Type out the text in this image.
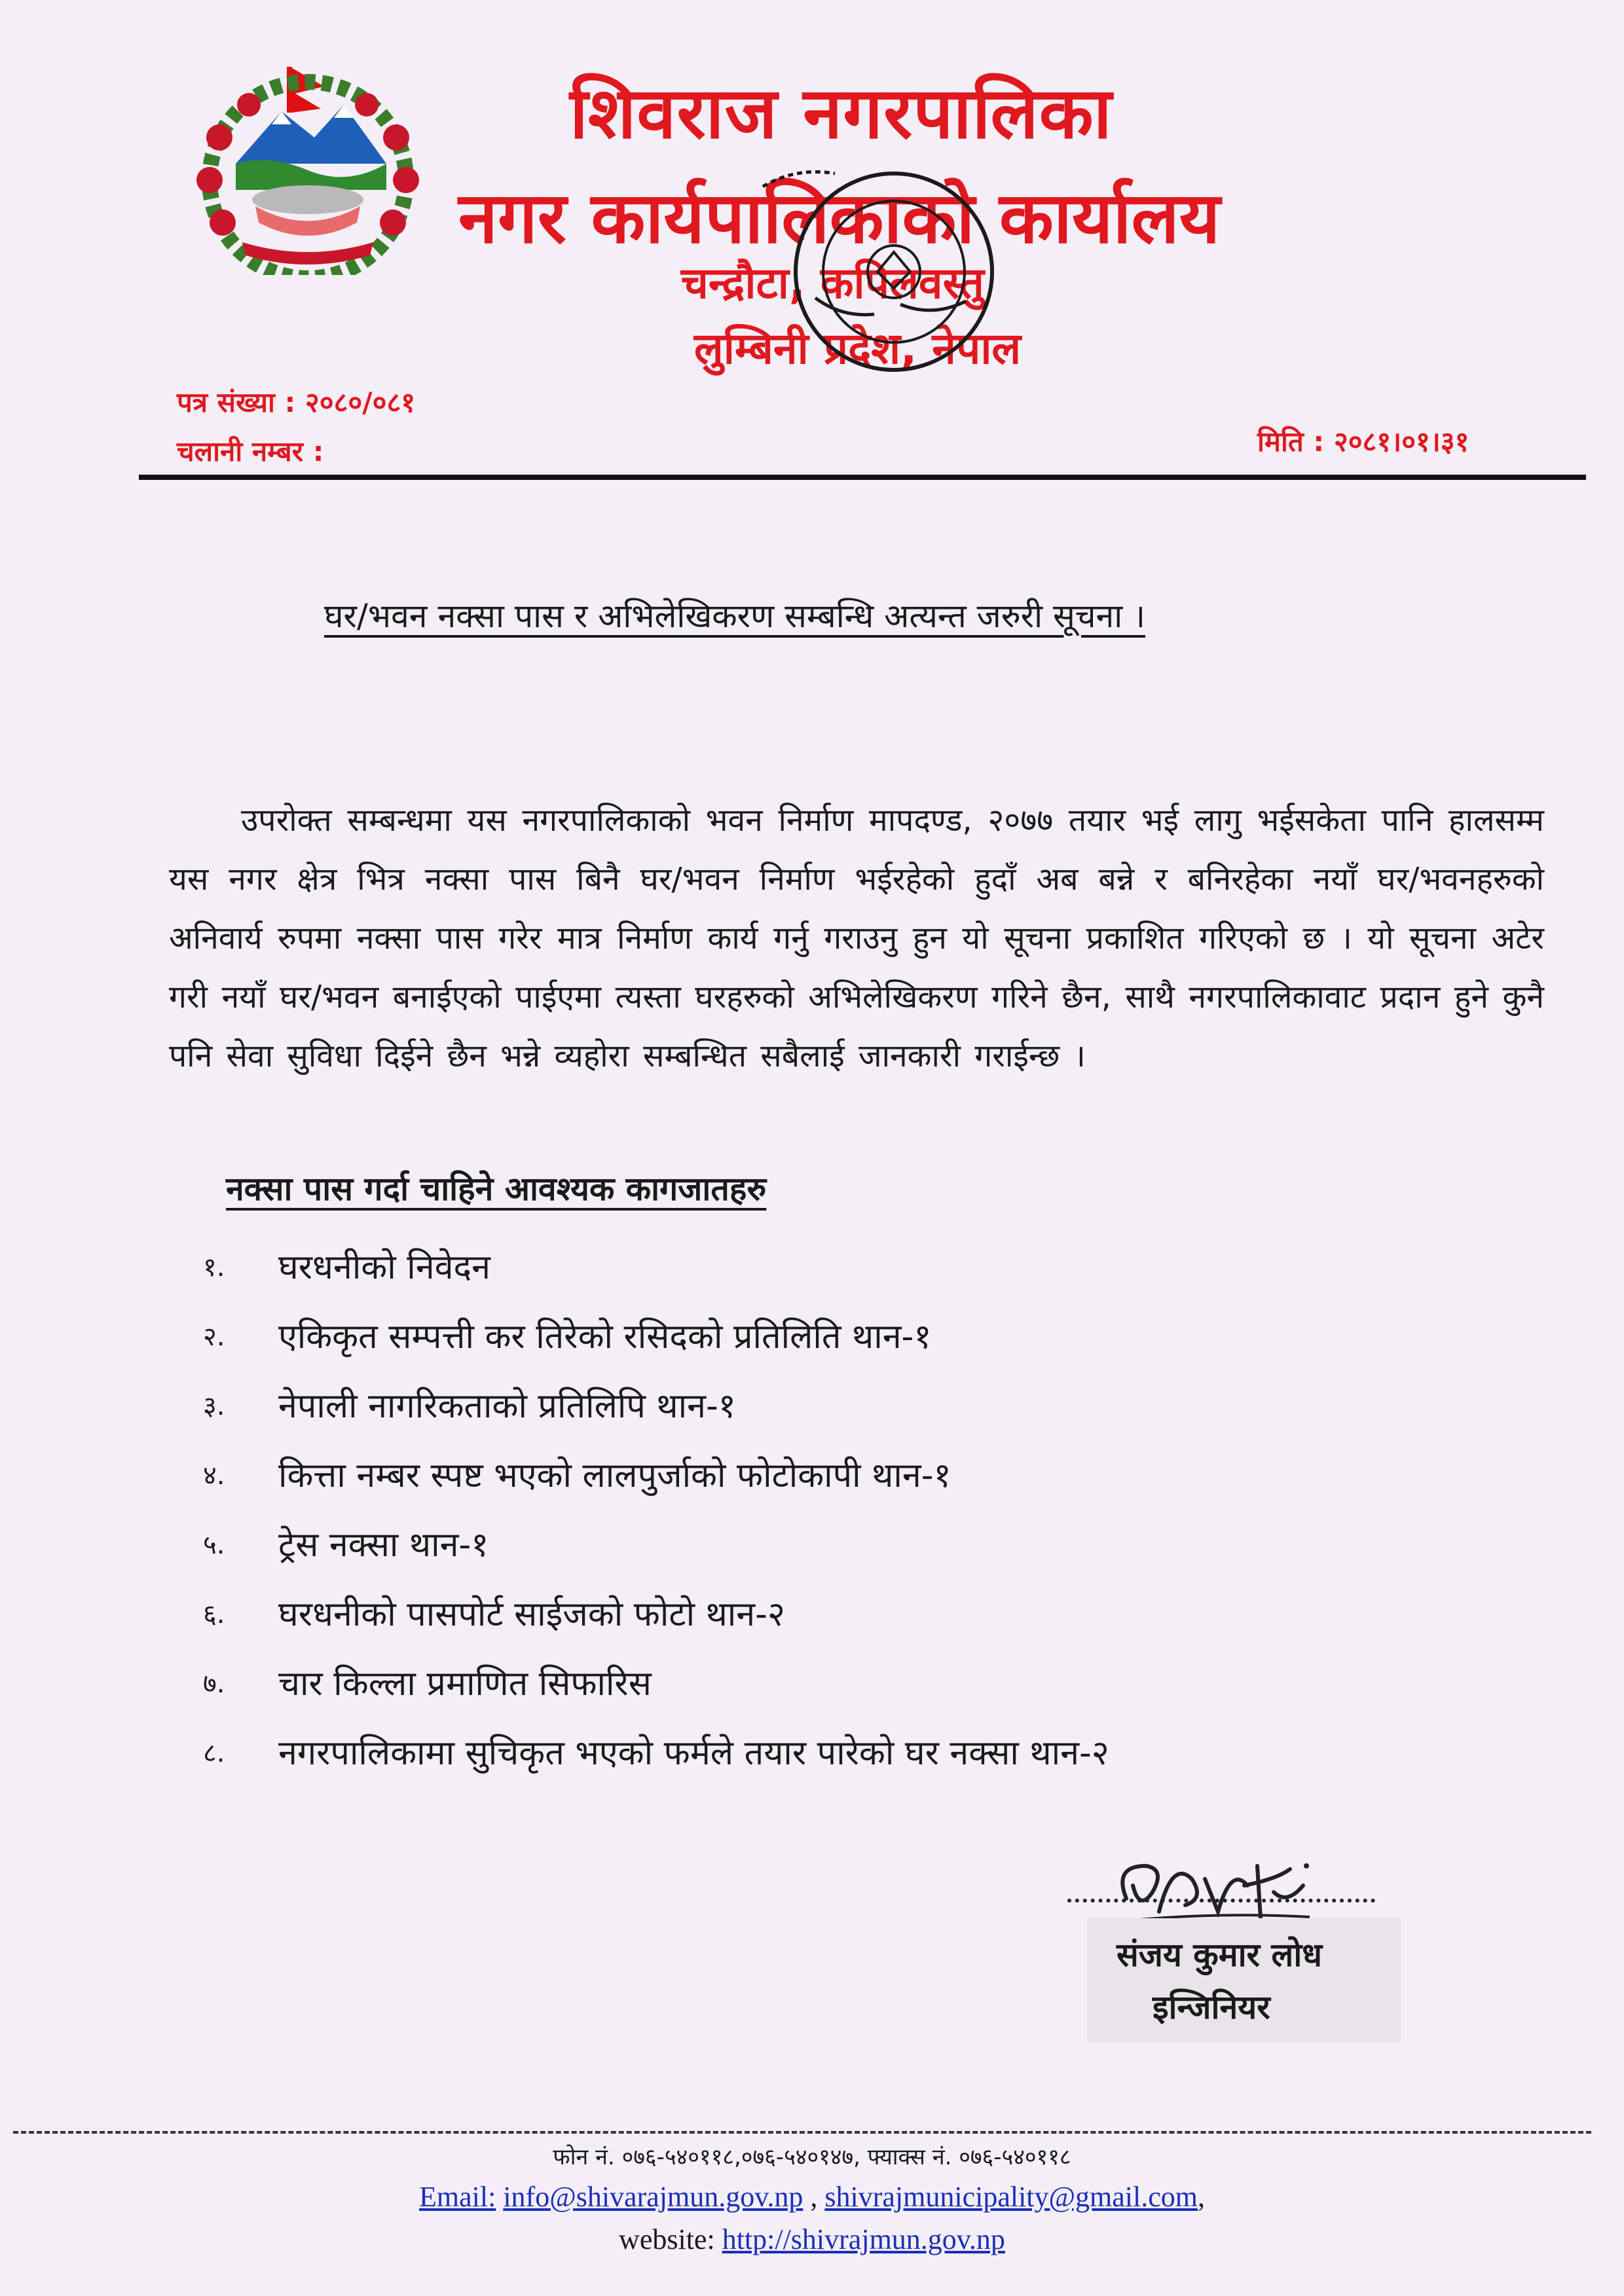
शिवराज नगरपालिका
नगर कार्यपालिकाको कार्यालय
चन्द्रौटा, कपिलवस्तु
लुम्बिनी प्रदेश, नेपाल
पत्र संख्या : २०८०/०८१
चलानी नम्बर :	मिति : २०८१।०१।३१
घर/भवन नक्सा पास र अभिलेखिकरण सम्बन्धि अत्यन्त जरुरी सूचना ।

उपरोक्त सम्बन्धमा यस नगरपालिकाको भवन निर्माण मापदण्ड, २०७७ तयार भई लागु भईसकेता पानि हालसम्म यस नगर क्षेत्र भित्र नक्सा पास बिनै घर/भवन निर्माण भईरहेको हुदाँ अब बन्ने र बनिरहेका नयाँ घर/भवनहरुको अनिवार्य रुपमा नक्सा पास गरेर मात्र निर्माण कार्य गर्नु गराउनु हुन यो सूचना प्रकाशित गरिएको छ । यो सूचना अटेर गरी नयाँ घर/भवन बनाईएको पाईएमा त्यस्ता घरहरुको अभिलेखिकरण गरिने छैन, साथै नगरपालिकावाट प्रदान हुने कुनै पनि सेवा सुविधा दिईने छैन भन्ने व्यहोरा सम्बन्धित सबैलाई जानकारी गराईन्छ ।

नक्सा पास गर्दा चाहिने आवश्यक कागजातहरु
१.	घरधनीको निवेदन
२.	एकिकृत सम्पत्ती कर तिरेको रसिदको प्रतिलिति थान-१
३.	नेपाली नागरिकताको प्रतिलिपि थान-१
४.	कित्ता नम्बर स्पष्ट भएको लालपुर्जाको फोटोकापी थान-१
५.	ट्रेस नक्सा थान-१
६.	घरधनीको पासपोर्ट साईजको फोटो थान-२
७.	चार किल्ला प्रमाणित सिफारिस
८.	नगरपालिकामा सुचिकृत भएको फर्मले तयार पारेको घर नक्सा थान-२
संजय कुमार लोध
इन्जिनियर
फोन नं. ०७६-५४०११८,०७६-५४०१४७, फ्याक्स नं. ०७६-५४०११८
Email: info@shivarajmun.gov.np , shivrajmunicipality@gmail.com,
website: http://shivrajmun.gov.np
